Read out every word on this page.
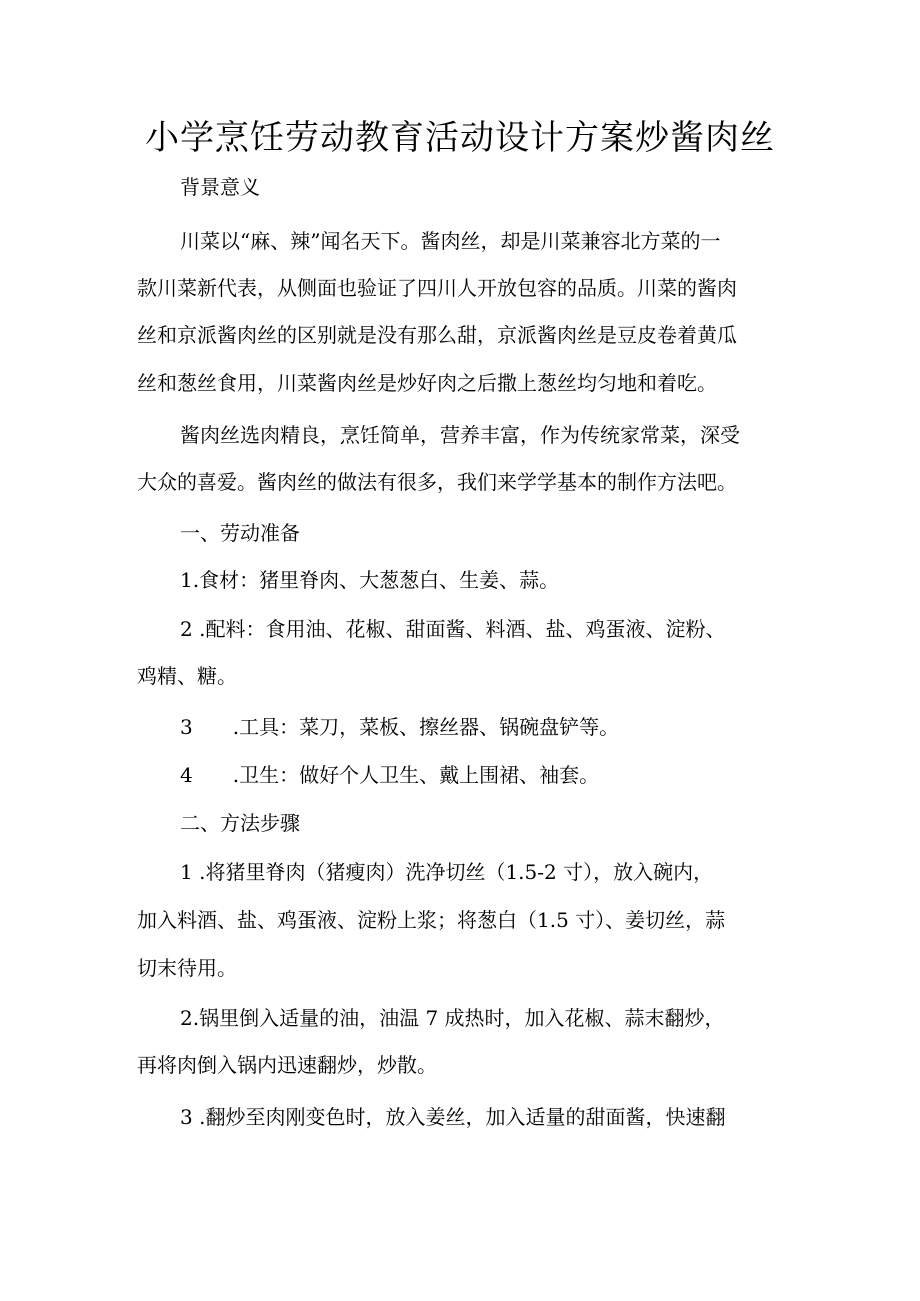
小学烹饪劳动教育活动设计方案炒酱肉丝

背景意义

川菜以“麻、辣”闻名天下。酱肉丝，却是川菜兼容北方菜的一

款川菜新代表，从侧面也验证了四川人开放包容的品质。川菜的酱肉

丝和京派酱肉丝的区别就是没有那么甜，京派酱肉丝是豆皮卷着黄瓜

丝和葱丝食用，川菜酱肉丝是炒好肉之后撒上葱丝均匀地和着吃。

酱肉丝选肉精良，烹饪简单，营养丰富，作为传统家常菜，深受

大众的喜爱。酱肉丝的做法有很多，我们来学学基本的制作方法吧。

一、劳动准备

1.食材：猪里脊肉、大葱葱白、生姜、蒜。

2 .配料：食用油、花椒、甜面酱、料酒、盐、鸡蛋液、淀粉、

鸡精、糖。

3 .工具：菜刀，菜板、擦丝器、锅碗盘铲等。

4 .卫生：做好个人卫生、戴上围裙、袖套。

二、方法步骤

1 .将猪里脊肉（猪瘦肉）洗净切丝（1.5-2 寸），放入碗内，

加入料酒、盐、鸡蛋液、淀粉上浆；将葱白（1.5 寸）、姜切丝，蒜

切末待用。

2.锅里倒入适量的油，油温 7 成热时，加入花椒、蒜末翻炒，

再将肉倒入锅内迅速翻炒，炒散。

3 .翻炒至肉刚变色时，放入姜丝，加入适量的甜面酱，快速翻
